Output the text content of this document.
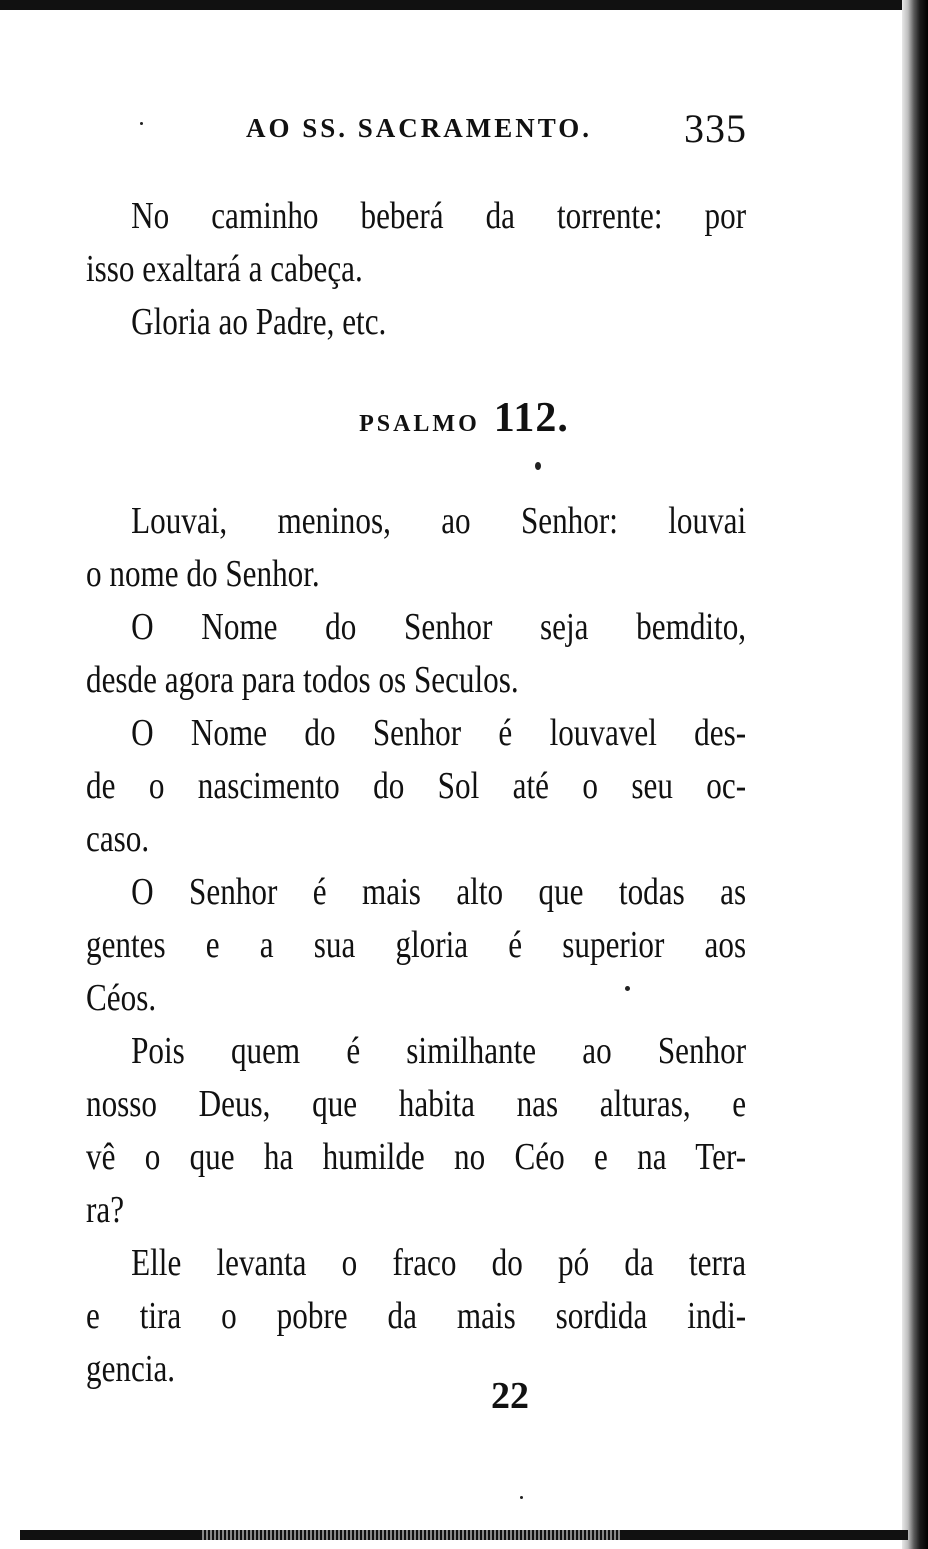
AO SS. SACRAMENTO. 335
No caminho beberá da torrente: por
isso exaltará a cabeça.
Gloria ao Padre, etc.
PSALMO 112.
Louvai, meninos, ao Senhor: louvai
o nome do Senhor.
O Nome do Senhor seja bemdito,
desde agora para todos os Seculos.
O Nome do Senhor é louvavel des-
de o nascimento do Sol até o seu oc-
caso.
O Senhor é mais alto que todas as
gentes e a sua gloria é superior aos
Céos.
Pois quem é similhante ao Senhor
nosso Deus, que habita nas alturas, e
vê o que ha humilde no Céo e na Ter-
ra?
Elle levanta o fraco do pó da terra
e tira o pobre da mais sordida indi-
gencia.
22
